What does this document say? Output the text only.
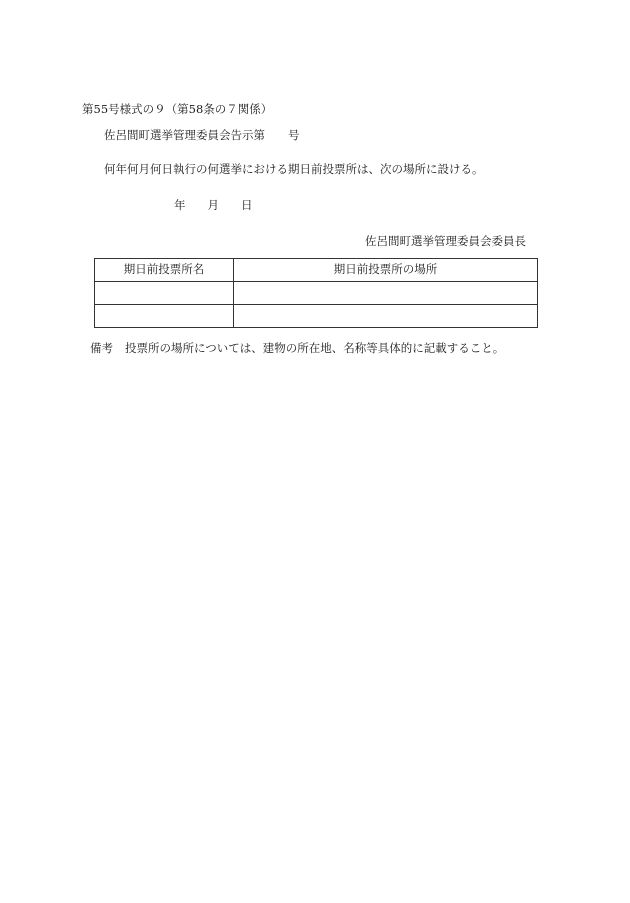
第55号様式の９（第58条の７関係）
佐呂間町選挙管理委員会告示第　　号
何年何月何日執行の何選挙における期日前投票所は、次の場所に設ける。
年 月 日
佐呂間町選挙管理委員会委員長
期日前投票所名	期日前投票所の場所

備考 投票所の場所については、建物の所在地、名称等具体的に記載すること。
